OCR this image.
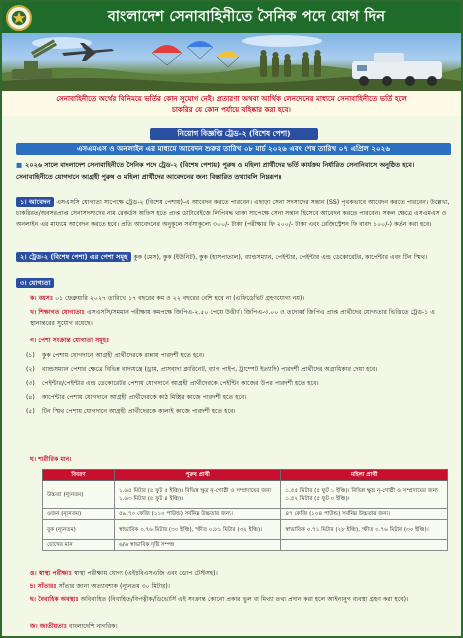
বাংলাদেশ সেনাবাহিনীতে সৈনিক পদে যোগ দিন
সেনাবাহিনীতে অর্থের বিনিময়ে ভর্তির কোন সুযোগ নেই। প্রতারণা অথবা আর্থিক লেনদেনের মাধ্যমে সেনাবাহিনীতে ভর্তি হলে
চাকরির যে কোন পর্যায়ে বহিষ্কার করা হবে।
নিয়োগ বিজ্ঞপ্তি ট্রেড-২ (বিশেষ পেশা)
এসএমএস ও অনলাইন এর মাধ্যমে আবেদন শুরুর তারিখ ০৮ মার্চ ২০২৬ এবং শেষ তারিখ ০৭ এপ্রিল ২০২৬
■ ২০২৬ সালে বাংলাদেশ সেনাবাহিনীতে সৈনিক পদে ট্রেড-২ (বিশেষ পেশায়) পুরুষ ও মহিলা প্রার্থীদের ভর্তি কার্যক্রম নির্ধারিত সেনানিবাসে অনুষ্ঠিত হবে। সেনাবাহিনীতে যোগদানে আগ্রহী পুরুষ ও মহিলা প্রার্থীদের আবেদনের জন্য বিস্তারিত তথ্যাবলি নিম্নরূপঃ
১। আবেদন এসএসসি যোগ্যতা সাপেক্ষে ট্রেড-২ (বিশেষ পেশায়)-এ আবেদন করতে পারবেন। এছাড়া সেনা সদস্যদের সন্তান (SS) পৃথকভাবে আবেদন করতে পারবেন। উল্লেখ্য, চাকরিরত/অবসরপ্রাপ্ত সেনাসদস্যদের নাম রেকর্ডস অফিস হতে প্রাপ্ত ডাটাবেইজে লিপিবদ্ধ থাকা সাপেক্ষে সেনা সন্তান হিসেবে আবেদন করতে পারবেন। সকল ক্ষেত্রে এসএমএস ও অনলাইন এর মাধ্যমে আবেদন করতে হবে। প্রতি আবেদনের অনুকূলে সর্বসাকুল্যে ৩০০/- টাকা (পরীক্ষার ফি ২০০/- টাকা এবং রেজিস্ট্রেশন ফি বাবদ ১০০/-) কর্তন করা হবে।
২। ট্রেড-২ (বিশেষ পেশা) এর পেশা সমূহ কুক (মেস), কুক (ইউনিট), কুক (হাসপাতাল), ব্যান্ডসম্যান, পেইন্টার, পেইন্টার এন্ড ডেকোরেটর, কার্পেন্টার এবং টিন স্মিথ।
৩। যোগ্যতা
ক। বয়সঃ ০১ ফেব্রুয়ারি ২০২৭ তারিখে ১৭ বছরের কম ও ২২ বছরের বেশি হবে না (এফিডেভিট গ্রহণযোগ্য নয়)।
খ। শিক্ষাগত যোগ্যতাঃ এসএসসি/সমমান পরীক্ষায় কমপক্ষে জিপিএ-২.৫০ পেয়ে উত্তীর্ণ। জিপিএ-৩.০০ ও তদোর্ধ্ব জিপিএ প্রাপ্ত প্রার্থীদের যোগ্যতার ভিত্তিতে ট্রেড-১ এ স্থানান্তরের সুযোগ রয়েছে।
গ। পেশা সংক্রান্ত যোগ্যতা সমূহঃ
(১)	কুক পেশায় যোগদানে আগ্রহী প্রার্থীদেরকে রান্নায় পারদর্শী হতে হবে।
(২)	ব্যান্ডসম্যান পেশার ক্ষেত্রে বিভিন্ন বাদ্যযন্ত্রে (ড্রাম, প্রাসবাদ্য ক্লারিনেট, ব্যাগ পাইপ, ট্রাম্পেট ইত্যাদি) পারদর্শী প্রার্থীদের অগ্রাধিকার দেয়া হবে।
(৩)	পেইন্টার/পেইন্টার এন্ড ডেকোরেটর পেশায় যোগদানে আগ্রহী প্রার্থীদেরকে পেইন্টিং কাজের উপর পারদর্শী হতে হবে।
(৪)	কার্পেন্টার পেশায় যোগদানে আগ্রহী প্রার্থীদেরকে কাঠ মিস্ত্রির কাজে পারদর্শী হতে হবে।
(৫)	টিন স্মিথ পেশায় যোগদানে আগ্রহী প্রার্থীদেরকে কালাই কাজে পারদর্শী হতে হবে।
ঘ। শারীরিক মান।
বিবরণ	পুরুষ প্রার্থী	মহিলা প্রার্থী
উচ্চতা (ন্যূনতম)	১.৬৫ মিটার (৫ ফুট ৫ ইঞ্চি)। বিভিন্ন ক্ষুদ্র নৃ-গোষ্ঠী ও সম্প্রদায়ের জন্য ১.৬৩ মিটার (৫ ফুট ৪ ইঞ্চি)।	১.৫৫ মিটার (৫ ফুট ১ ইঞ্চি)। বিভিন্ন ক্ষুদ্র নৃ-গোষ্ঠী ও সম্প্রদায়ের জন্য ১.৫২ মিটার (৫ ফুট ০ ইঞ্চি)।
ওজন (ন্যূনতম)	৫৯.৭০ কেজি (১১০ পাউন্ড) সর্বনিম্ন উচ্চতার জন্য।	৪৭ কেজি (১০৪ পাউন্ড) সর্বনিম্ন উচ্চতার জন্য।
বুক (ন্যূনতম)	স্বাভাবিক ০.৭৬ মিটার (৩০ ইঞ্চি), স্ফীত ০.৮১ মিটার (৩২ ইঞ্চি)।	স্বাভাবিক ০.৭১ মিটার (২৮ ইঞ্চি), স্ফীত ০.৭৬ মিটার (৩০ ইঞ্চি)।
চোখের মান	৬/৬ স্বাভাবিক দৃষ্টি সম্পন্ন	
ঙ। স্বাস্থ্য পরীক্ষাঃ স্বাস্থ্য পরীক্ষায় যোগ্য (এইচবিএসএজি এবং ডোপ টেস্টসহ)।
চ। সাঁতারঃ সাঁতার জানা অত্যাবশ্যক (ন্যূনতম ৩০ মিটার)।
ছ। বৈবাহিক অবস্থাঃ অবিবাহিত (বিবাহিত/বিপত্নীক/ডিভোর্সি এই সংক্রান্ত কোনো প্রকার ভুল বা মিথ্যা তথ্য প্রদান করা হলে আইনানুগ ব্যবস্থা গ্রহণ করা হবে)।
জ। জাতীয়তাঃ বাংলাদেশি নাগরিক।
